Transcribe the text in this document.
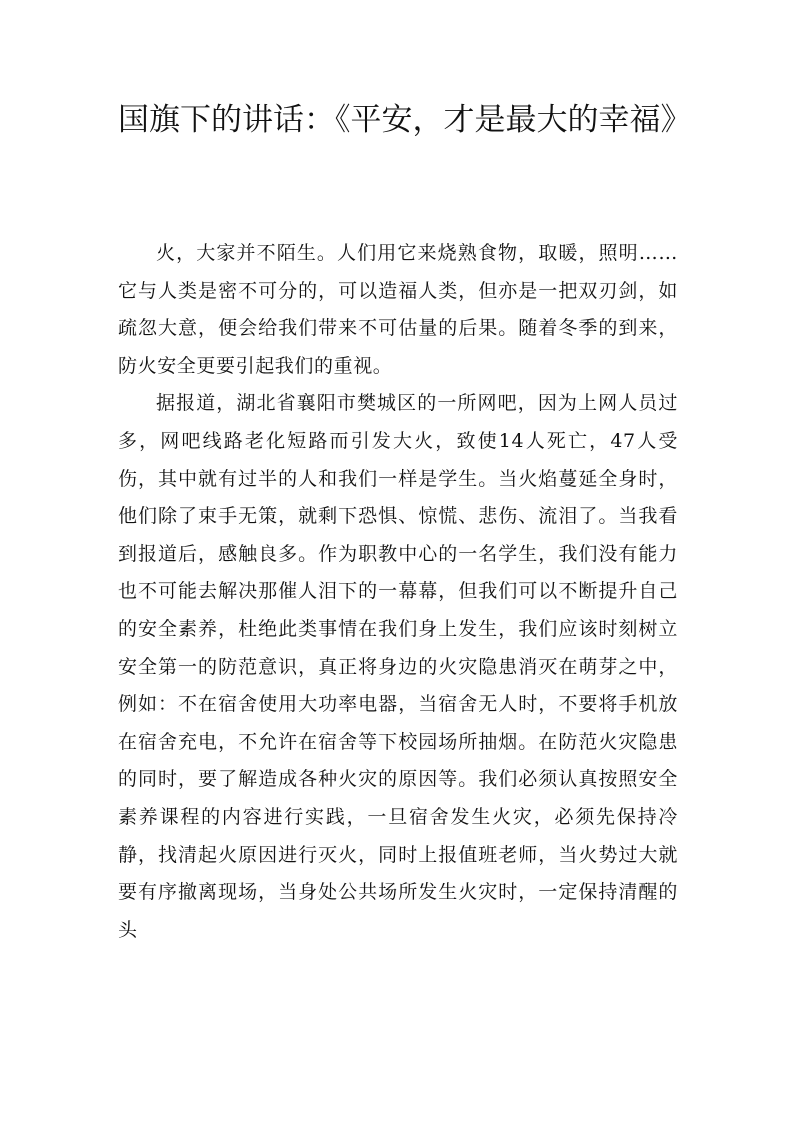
国旗下的讲话：《平安，才是最大的幸福》

火，大家并不陌生。人们用它来烧熟食物，取暖，照明……它与人类是密不可分的，可以造福人类，但亦是一把双刃剑，如疏忽大意，便会给我们带来不可估量的后果。随着冬季的到来，防火安全更要引起我们的重视。

据报道，湖北省襄阳市樊城区的一所网吧，因为上网人员过多，网吧线路老化短路而引发大火，致使14人死亡，47人受伤，其中就有过半的人和我们一样是学生。当火焰蔓延全身时，他们除了束手无策，就剩下恐惧、惊慌、悲伤、流泪了。当我看到报道后，感触良多。作为职教中心的一名学生，我们没有能力也不可能去解决那催人泪下的一幕幕，但我们可以不断提升自己的安全素养，杜绝此类事情在我们身上发生，我们应该时刻树立安全第一的防范意识，真正将身边的火灾隐患消灭在萌芽之中，例如：不在宿舍使用大功率电器，当宿舍无人时，不要将手机放在宿舍充电，不允许在宿舍等下校园场所抽烟。在防范火灾隐患的同时，要了解造成各种火灾的原因等。我们必须认真按照安全素养课程的内容进行实践，一旦宿舍发生火灾，必须先保持冷静，找清起火原因进行灭火，同时上报值班老师，当火势过大就要有序撤离现场，当身处公共场所发生火灾时，一定保持清醒的头
